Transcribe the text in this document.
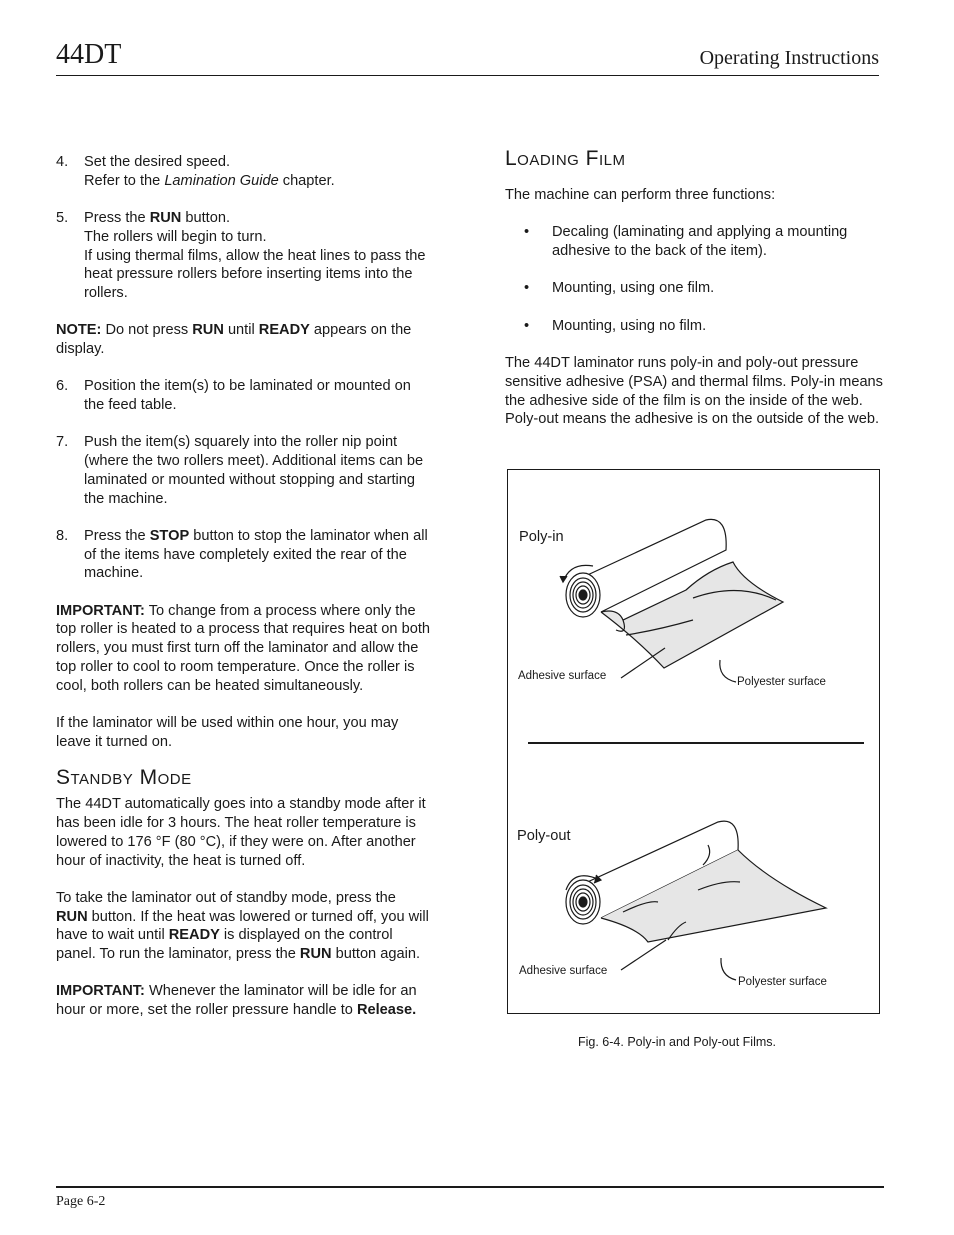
44DT	Operating Instructions

4. Set the desired speed.
Refer to the Lamination Guide chapter.

5. Press the RUN button.
The rollers will begin to turn.
If using thermal films, allow the heat lines to pass the heat pressure rollers before inserting items into the rollers.

NOTE: Do not press RUN until READY appears on the display.

6. Position the item(s) to be laminated or mounted on the feed table.

7. Push the item(s) squarely into the roller nip point (where the two rollers meet). Additional items can be laminated or mounted without stopping and starting the machine.

8. Press the STOP button to stop the laminator when all of the items have completely exited the rear of the machine.

IMPORTANT: To change from a process where only the top roller is heated to a process that requires heat on both rollers, you must first turn off the laminator and allow the top roller to cool to room temperature. Once the roller is cool, both rollers can be heated simultaneously.

If the laminator will be used within one hour, you may leave it turned on.

Standby Mode

The 44DT automatically goes into a standby mode after it has been idle for 3 hours. The heat roller temperature is lowered to 176 °F (80 °C), if they were on. After another hour of inactivity, the heat is turned off.

To take the laminator out of standby mode, press the RUN button. If the heat was lowered or turned off, you will have to wait until READY is displayed on the control panel. To run the laminator, press the RUN button again.

IMPORTANT: Whenever the laminator will be idle for an hour or more, set the roller pressure handle to Release.

Loading Film

The machine can perform three functions:

• Decaling (laminating and applying a mounting adhesive to the back of the item).

• Mounting, using one film.

• Mounting, using no film.

The 44DT laminator runs poly-in and poly-out pressure sensitive adhesive (PSA) and thermal films. Poly-in means the adhesive side of the film is on the inside of the web. Poly-out means the adhesive is on the outside of the web.

Poly-in
Adhesive surface	Polyester surface
Poly-out
Adhesive surface
Polyester surface
Fig. 6-4. Poly-in and Poly-out Films.
Page 6-2
